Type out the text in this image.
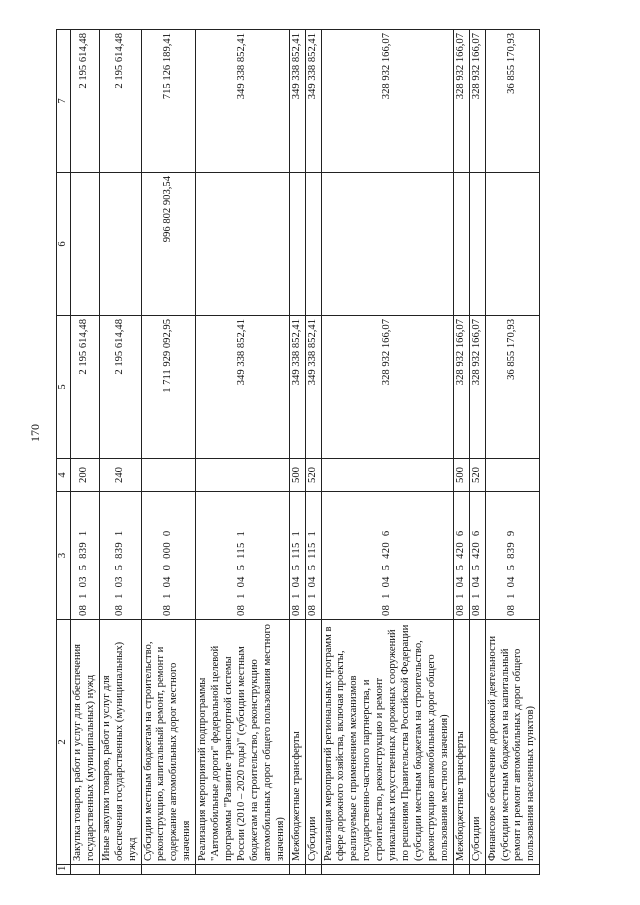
170
1	2	3	4	5	6	7
	Закупка товаров, работ и услуг для обеспечения государственных (муниципальных) нужд	08  1  03  5  839  1	200	2 195 614,48		2 195 614,48
	Иные закупки товаров, работ и услуг для обеспечения государственных (муниципальных) нужд	08  1  03  5  839  1	240	2 195 614,48		2 195 614,48
	Субсидии местным бюджетам на строительство, реконструкцию, капитальный ремонт, ремонт и содержание автомобильных дорог местного значения	08  1  04  0  000  0		1 711 929 092,95	996 802 903,54	715 126 189,41
	Реализация мероприятий подпрограммы "Автомобильные дороги" федеральной целевой программы "Развитие транспортной системы России (2010 – 2020 годы)" (субсидии местным бюджетам на строительство, реконструкцию автомобильных дорог общего пользования местного значения)	08  1  04  5  115  1		349 338 852,41		349 338 852,41
	Межбюджетные трансферты	08  1  04  5  115  1	500	349 338 852,41		349 338 852,41
	Субсидии	08  1  04  5  115  1	520	349 338 852,41		349 338 852,41
	Реализация мероприятий региональных программ в сфере дорожного хозяйства, включая проекты, реализуемые с применением механизмов государственно-частного партнерства, и строительство, реконструкцию и ремонт уникальных искусственных дорожных сооружений по решениям Правительства Российской Федерации (субсидии местным бюджетам на строительство, реконструкцию автомобильных дорог общего пользования местного значения)	08  1  04  5  420  6		328 932 166,07		328 932 166,07
	Межбюджетные трансферты	08  1  04  5  420  6	500	328 932 166,07		328 932 166,07
	Субсидии	08  1  04  5  420  6	520	328 932 166,07		328 932 166,07
	Финансовое обеспечение дорожной деятельности (субсидии местным бюджетам на капитальный ремонт и ремонт автомобильных дорог общего пользования населенных пунктов)	08  1  04  5  839  9		36 855 170,93		36 855 170,93
